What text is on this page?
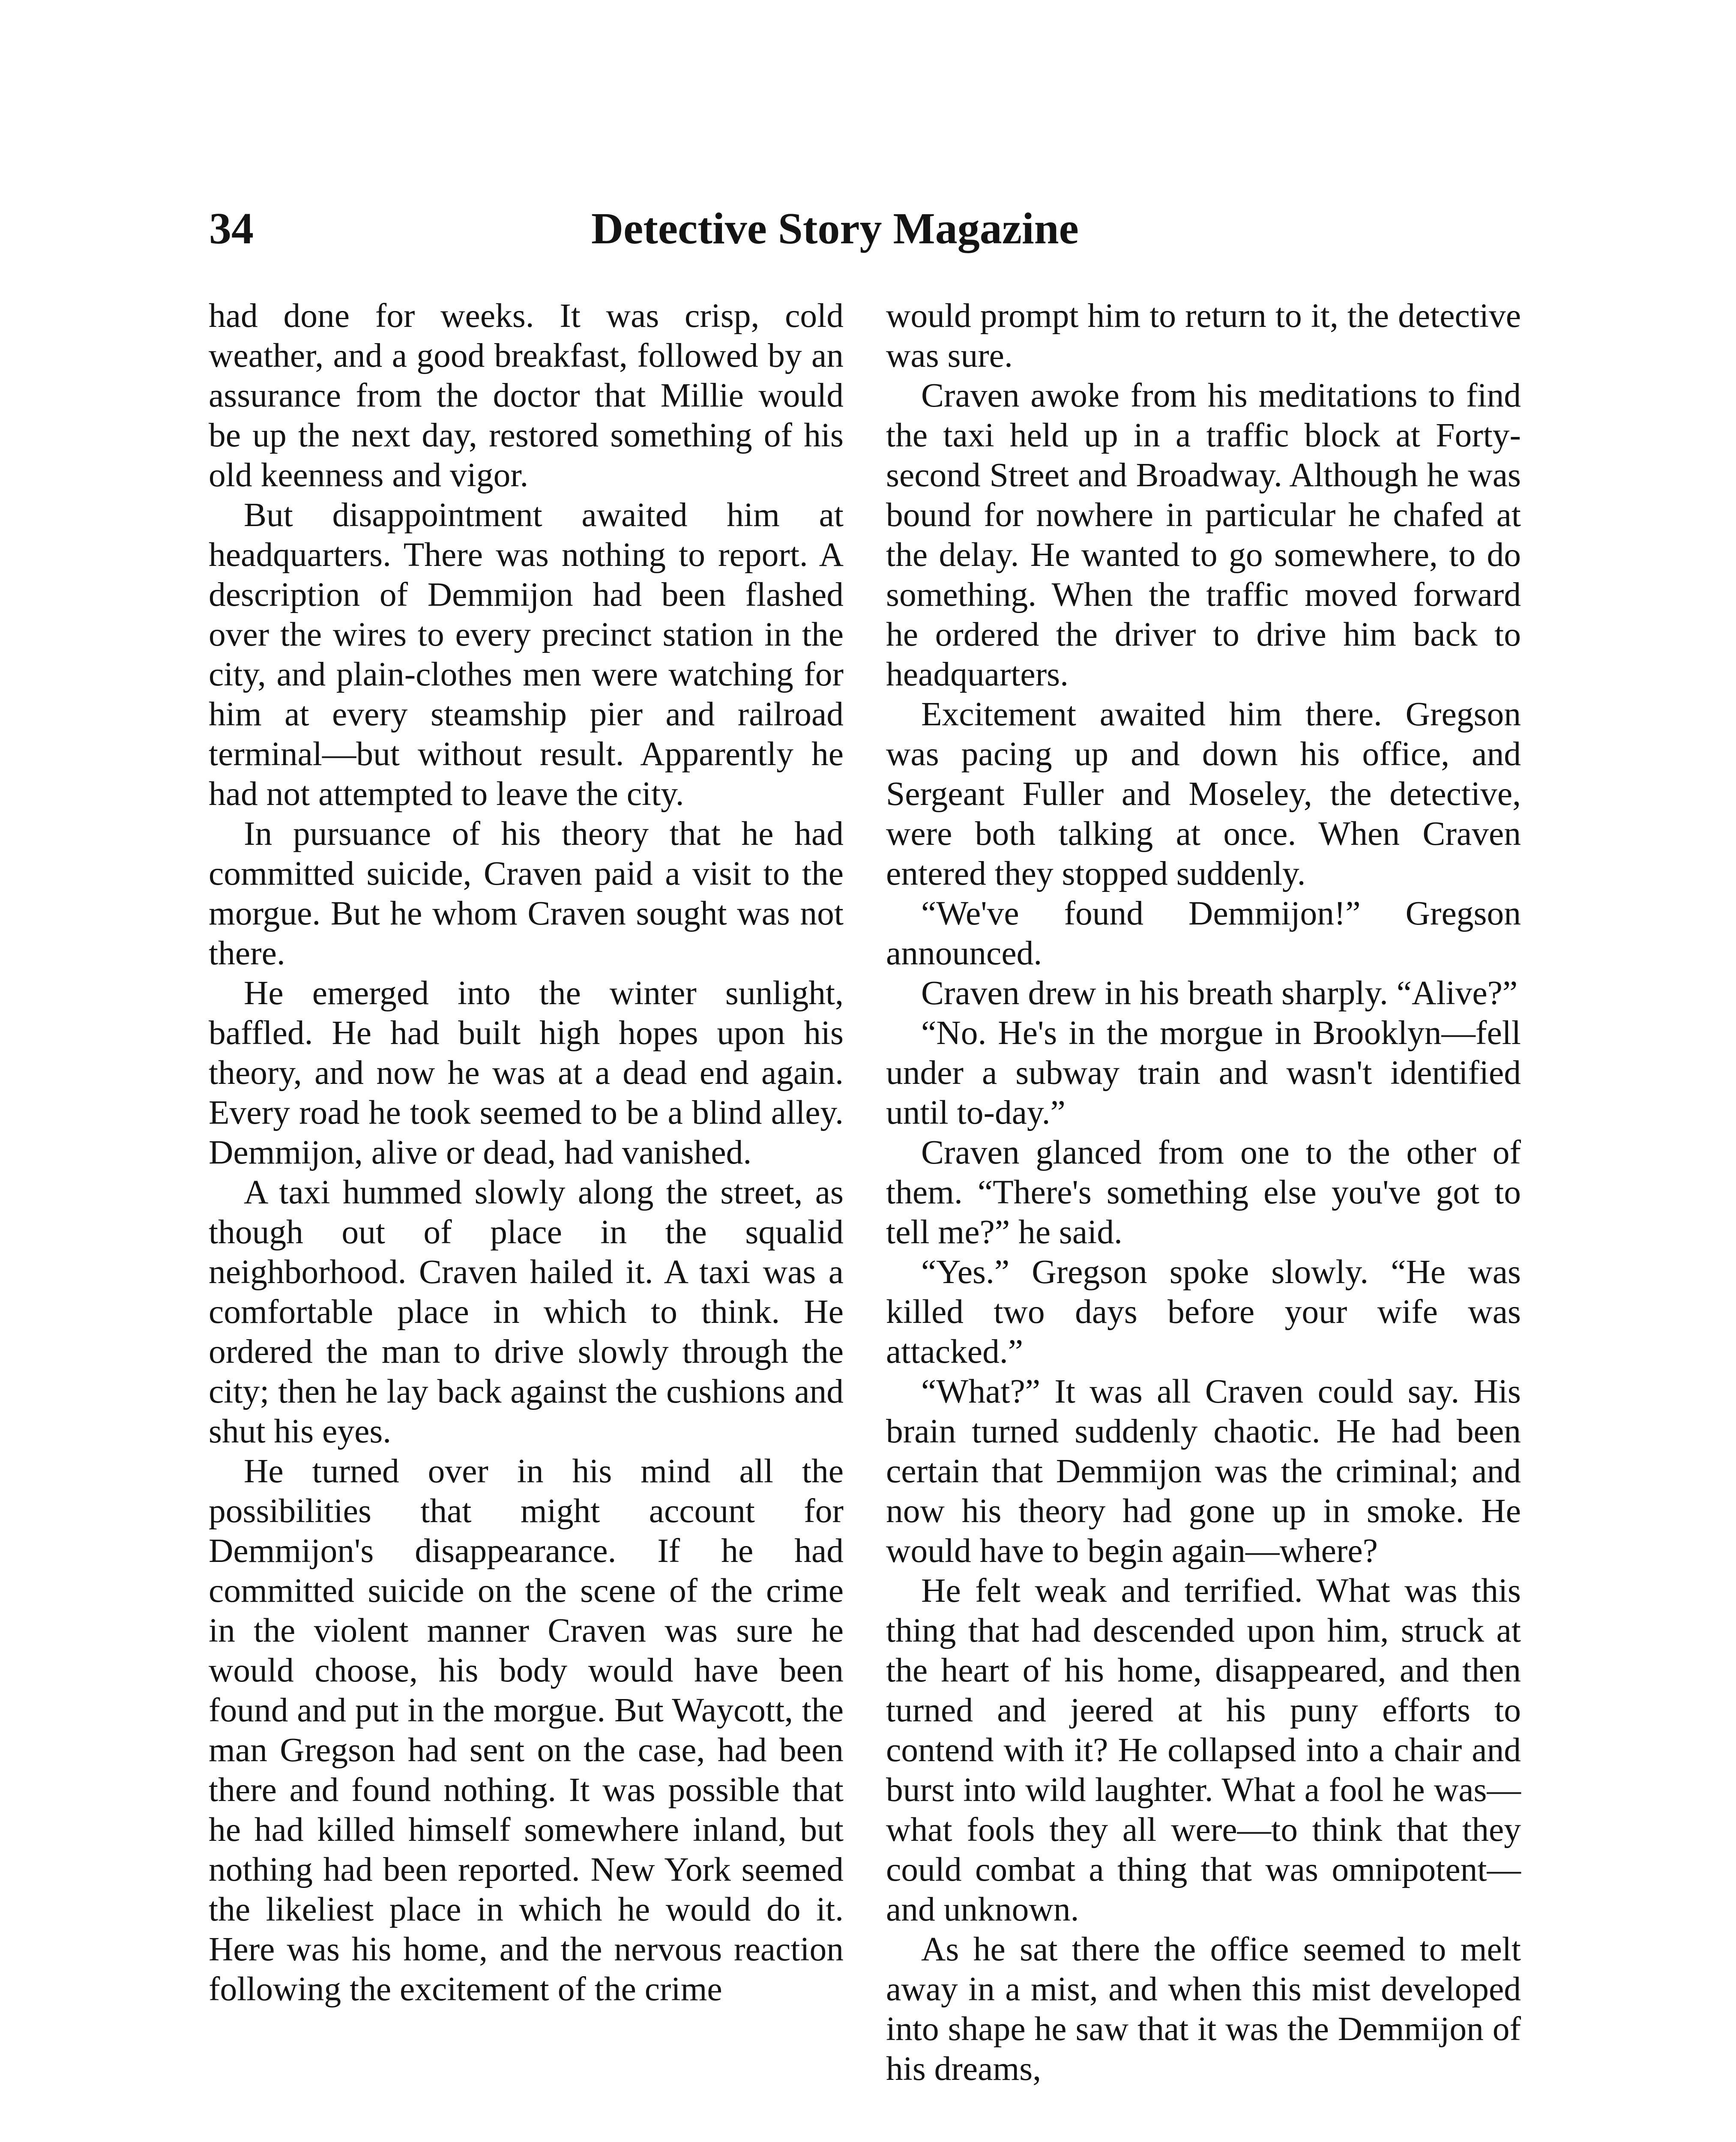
34	Detective Story Magazine

had done for weeks. It was crisp, cold weather, and a good breakfast, followed by an assurance from the doctor that Millie would be up the next day, restored something of his old keenness and vigor.

But disappointment awaited him at headquarters. There was nothing to report. A description of Demmijon had been flashed over the wires to every precinct station in the city, and plain-clothes men were watching for him at every steamship pier and railroad terminal—but without result. Apparently he had not attempted to leave the city.

In pursuance of his theory that he had committed suicide, Craven paid a visit to the morgue. But he whom Craven sought was not there.

He emerged into the winter sunlight, baffled. He had built high hopes upon his theory, and now he was at a dead end again. Every road he took seemed to be a blind alley. Demmijon, alive or dead, had vanished.

A taxi hummed slowly along the street, as though out of place in the squalid neighborhood. Craven hailed it. A taxi was a comfortable place in which to think. He ordered the man to drive slowly through the city; then he lay back against the cushions and shut his eyes.

He turned over in his mind all the possibilities that might account for Demmijon's disappearance. If he had committed suicide on the scene of the crime in the violent manner Craven was sure he would choose, his body would have been found and put in the morgue. But Waycott, the man Gregson had sent on the case, had been there and found nothing. It was possible that he had killed himself somewhere inland, but nothing had been reported. New York seemed the likeliest place in which he would do it. Here was his home, and the nervous reaction following the excitement of the crime

would prompt him to return to it, the detective was sure.

Craven awoke from his meditations to find the taxi held up in a traffic block at Forty-second Street and Broadway. Although he was bound for nowhere in particular he chafed at the delay. He wanted to go somewhere, to do something. When the traffic moved forward he ordered the driver to drive him back to headquarters.

Excitement awaited him there. Gregson was pacing up and down his office, and Sergeant Fuller and Moseley, the detective, were both talking at once. When Craven entered they stopped suddenly.

“We've found Demmijon!” Gregson announced.

Craven drew in his breath sharply. “Alive?”

“No. He's in the morgue in Brooklyn—fell under a subway train and wasn't identified until to-day.”

Craven glanced from one to the other of them. “There's something else you've got to tell me?” he said.

“Yes.” Gregson spoke slowly. “He was killed two days before your wife was attacked.”

“What?” It was all Craven could say. His brain turned suddenly chaotic. He had been certain that Demmijon was the criminal; and now his theory had gone up in smoke. He would have to begin again—where?

He felt weak and terrified. What was this thing that had descended upon him, struck at the heart of his home, disappeared, and then turned and jeered at his puny efforts to contend with it? He collapsed into a chair and burst into wild laughter. What a fool he was—what fools they all were—to think that they could combat a thing that was omnipotent—and unknown.

As he sat there the office seemed to melt away in a mist, and when this mist developed into shape he saw that it was the Demmijon of his dreams,
